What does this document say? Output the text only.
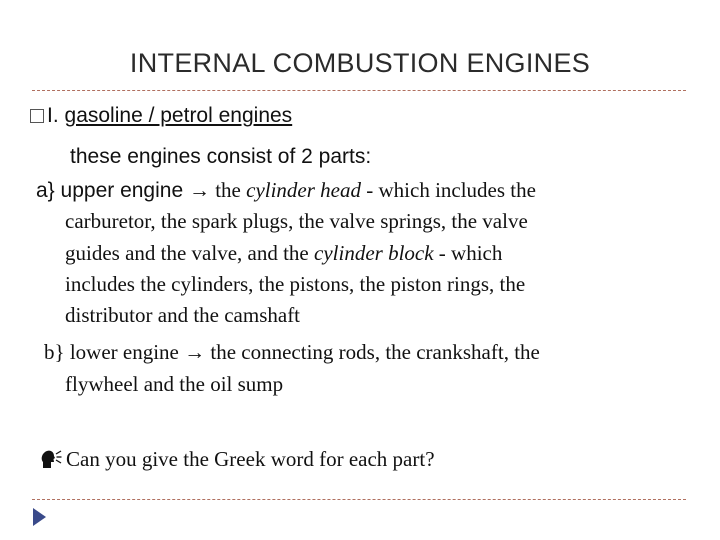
INTERNAL COMBUSTION ENGINES
I. gasoline / petrol engines
these engines consist of 2 parts:
a} upper engine → the cylinder head - which includes the
carburetor, the spark plugs, the valve springs, the valve
guides and the valve, and the cylinder block - which
includes the cylinders, the pistons, the piston rings, the
distributor and the camshaft
b} lower engine → the connecting rods, the crankshaft, the
flywheel and the oil sump
Can you give the Greek word for each part?
